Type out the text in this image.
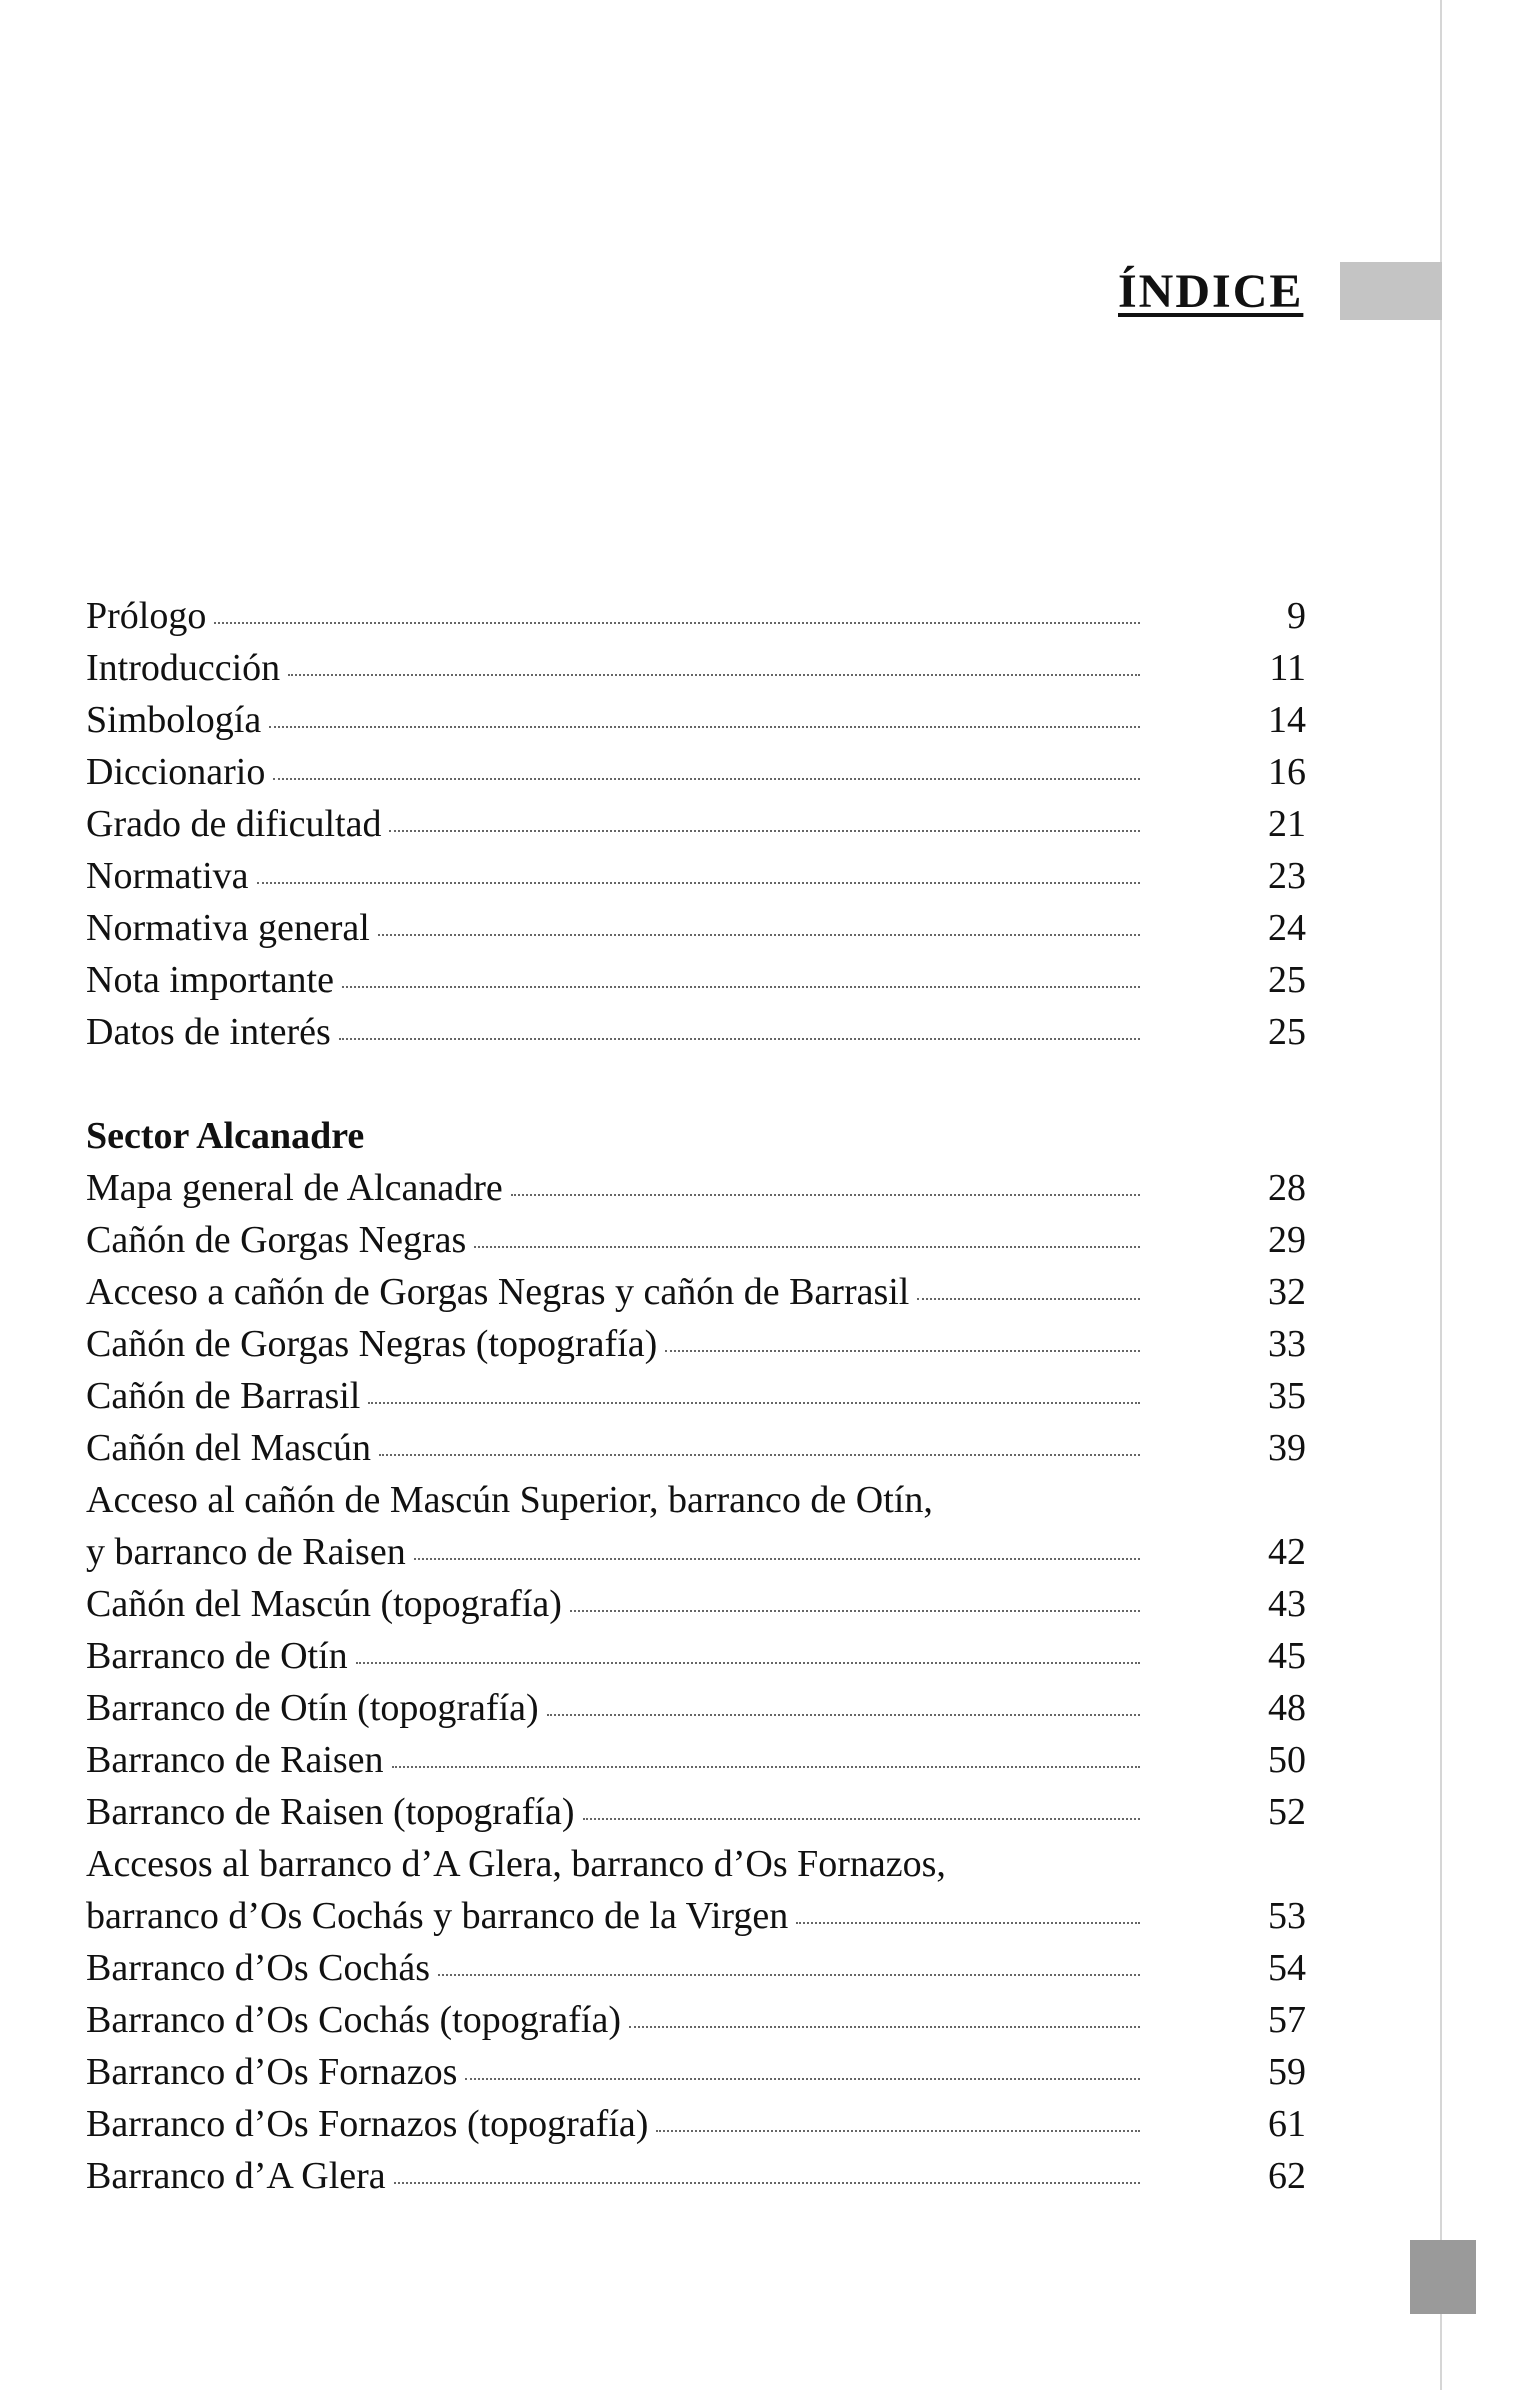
ÍNDICE
Prólogo	9
Introducción	11
Simbología	14
Diccionario	16
Grado de dificultad	21
Normativa	23
Normativa general	24
Nota importante	25
Datos de interés	25
Sector Alcanadre
Mapa general de Alcanadre	28
Cañón de Gorgas Negras	29
Acceso a cañón de Gorgas Negras y cañón de Barrasil	32
Cañón de Gorgas Negras (topografía)	33
Cañón de Barrasil	35
Cañón del Mascún	39
Acceso al cañón de Mascún Superior, barranco de Otín,
y barranco de Raisen	42
Cañón del Mascún (topografía)	43
Barranco de Otín	45
Barranco de Otín (topografía)	48
Barranco de Raisen	50
Barranco de Raisen (topografía)	52
Accesos al barranco d’A Glera, barranco d’Os Fornazos,
barranco d’Os Cochás y barranco de la Virgen	53
Barranco d’Os Cochás	54
Barranco d’Os Cochás (topografía)	57
Barranco d’Os Fornazos	59
Barranco d’Os Fornazos (topografía)	61
Barranco d’A Glera	62
